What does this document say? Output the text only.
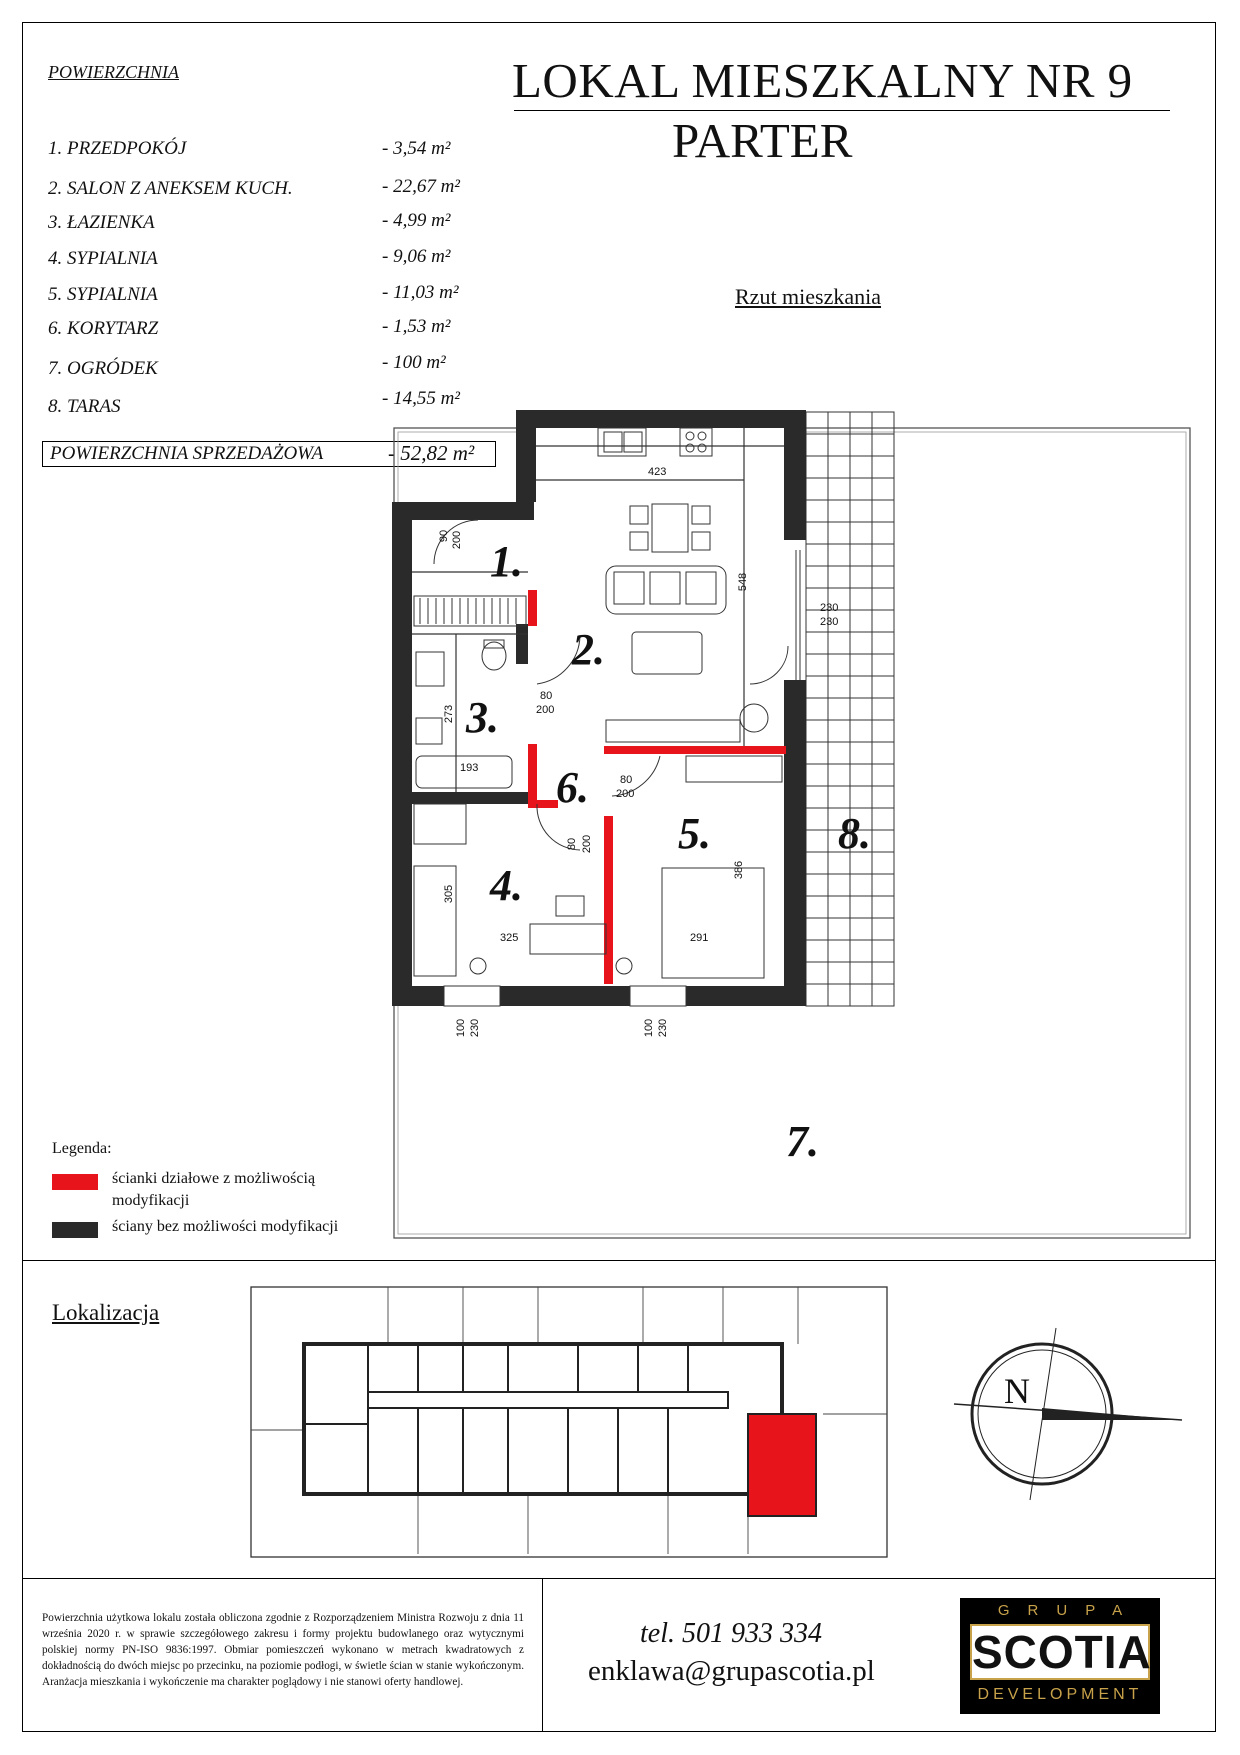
POWIERZCHNIA
1. PRZEDPOKÓJ	- 3,54 m²
2. SALON Z ANEKSEM KUCH.	- 22,67 m²
3. ŁAZIENKA	- 4,99 m²
4. SYPIALNIA	- 9,06 m²
5. SYPIALNIA	- 11,03 m²
6. KORYTARZ	- 1,53 m²
7. OGRÓDEK	- 100 m²
8. TARAS	- 14,55 m²
POWIERZCHNIA SPRZEDAŻOWA	- 52,82 m²
LOKAL MIESZKALNY NR 9
PARTER
Rzut mieszkania
1.
2.
3.
4.
5.
6.
7.
8.
423
548
90 200
230
230
80
200
273
193
80
200
80 200
305
325
386
291
100 230	100 230
Legenda:
ścianki działowe z możliwością
modyfikacji
ściany bez możliwości modyfikacji
Lokalizacja
N
Powierzchnia użytkowa lokalu została obliczona zgodnie z Rozporządzeniem Ministra Rozwoju z dnia 11 września 2020 r. w sprawie szczegółowego zakresu i formy projektu budowlanego oraz wytycznymi polskiej normy PN-ISO 9836:1997. Obmiar pomieszczeń wykonano w metrach kwadratowych z dokładnością do dwóch miejsc po przecinku, na poziomie podłogi, w świetle ścian w stanie wykończonym. Aranżacja mieszkania i wykończenie ma charakter poglądowy i nie stanowi oferty handlowej.
tel. 501 933 334
enklawa@grupascotia.pl
GRUPA
SCOTIA
DEVELOPMENT
